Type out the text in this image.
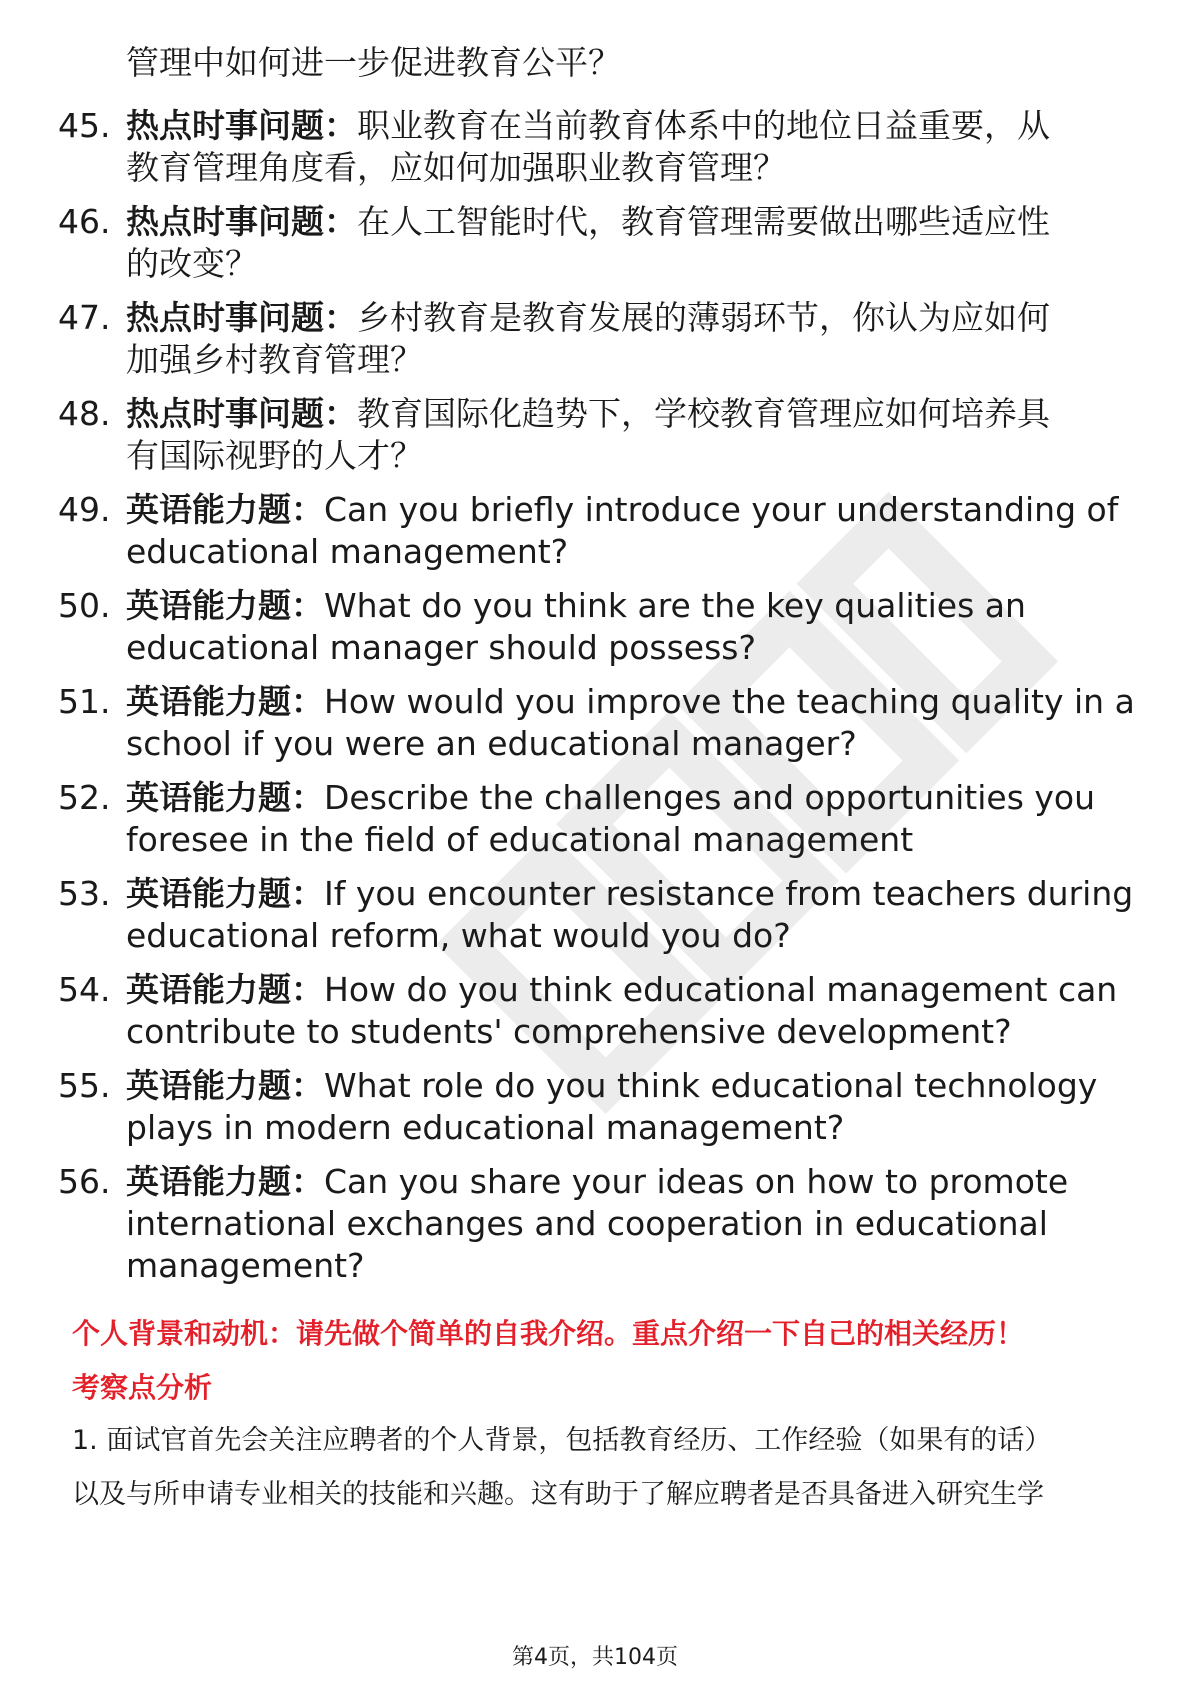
管理中如何进一步促进教育公平？
45. 热点时事问题：职业教育在当前教育体系中的地位日益重要，从
教育管理角度看，应如何加强职业教育管理？
46. 热点时事问题：在人工智能时代，教育管理需要做出哪些适应性
的改变？
47. 热点时事问题：乡村教育是教育发展的薄弱环节，你认为应如何
加强乡村教育管理？
48. 热点时事问题：教育国际化趋势下，学校教育管理应如何培养具
有国际视野的人才？
49. 英语能力题：Can you briefly introduce your understanding of
educational management?
50. 英语能力题：What do you think are the key qualities an
educational manager should possess?
51. 英语能力题：How would you improve the teaching quality in a
school if you were an educational manager?
52. 英语能力题：Describe the challenges and opportunities you
foresee in the field of educational management
53. 英语能力题：If you encounter resistance from teachers during
educational reform, what would you do?
54. 英语能力题：How do you think educational management can
contribute to students' comprehensive development?
55. 英语能力题：What role do you think educational technology
plays in modern educational management?
56. 英语能力题：Can you share your ideas on how to promote
international exchanges and cooperation in educational
management?
个人背景和动机：请先做个简单的自我介绍。重点介绍一下自己的相关经历！
考察点分析
1. 面试官首先会关注应聘者的个人背景，包括教育经历、工作经验（如果有的话）
以及与所申请专业相关的技能和兴趣。这有助于了解应聘者是否具备进入研究生学
第4页，共104页
